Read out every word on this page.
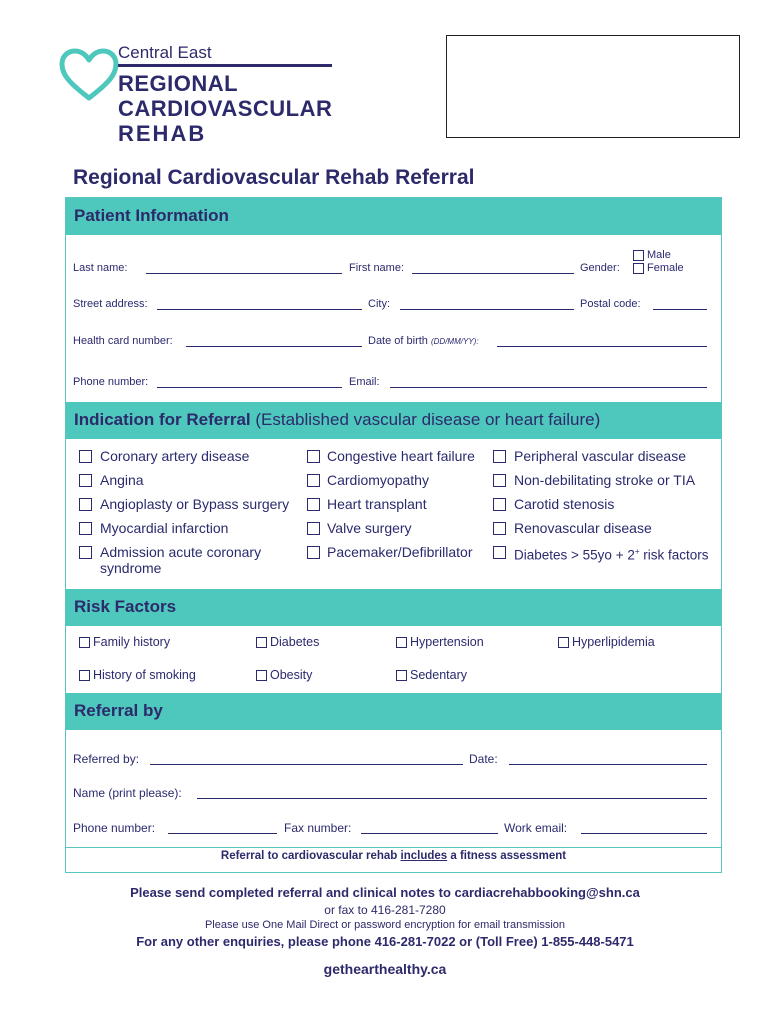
Central East
REGIONAL
CARDIOVASCULAR
REHAB
Regional Cardiovascular Rehab Referral
Patient Information
Last name:	First name:	Gender:
Male
Female
Street address:	City:	Postal code:
Health card number:	Date of birth (DD/MM/YY):
Phone number:	Email:
Indication for Referral (Established vascular disease or heart failure)
Coronary artery disease
Angina
Angioplasty or Bypass surgery
Myocardial infarction
Admission acute coronary
syndrome
Congestive heart failure
Cardiomyopathy
Heart transplant
Valve surgery
Pacemaker/Defibrillator
Peripheral vascular disease
Non-debilitating stroke or TIA
Carotid stenosis
Renovascular disease
Diabetes > 55yo + 2+ risk factors
Risk Factors
Family history	Diabetes	Hypertension	Hyperlipidemia
History of smoking	Obesity	Sedentary
Referral by
Referred by:	Date:
Name (print please):
Phone number:	Fax number:	Work email:
Referral to cardiovascular rehab includes a fitness assessment
Please send completed referral and clinical notes to cardiacrehabbooking@shn.ca
or fax to 416-281-7280
Please use One Mail Direct or password encryption for email transmission
For any other enquiries, please phone 416-281-7022 or (Toll Free) 1-855-448-5471
gethearthealthy.ca
